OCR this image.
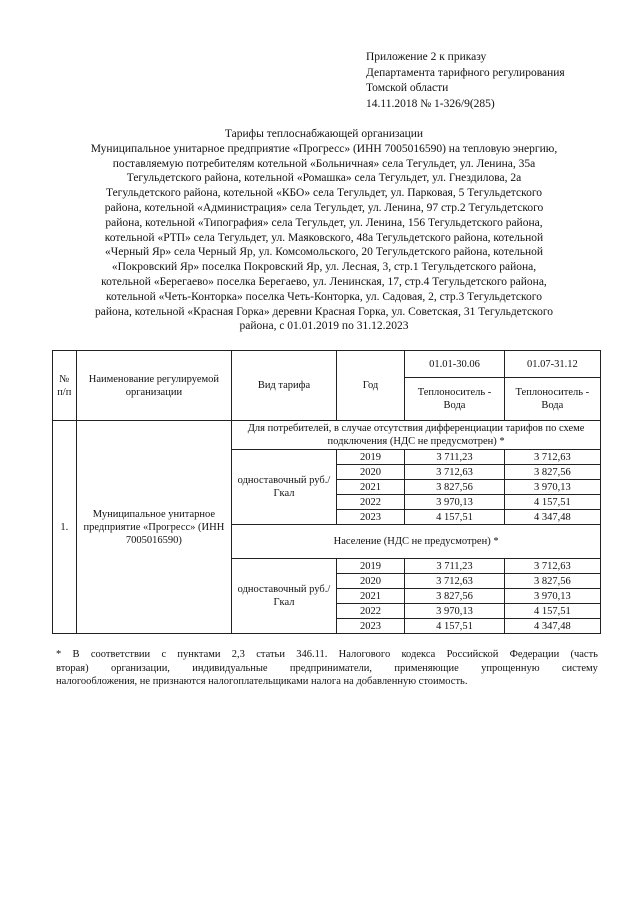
Приложение 2 к приказу
Департамента тарифного регулирования
Томской области
14.11.2018 № 1-326/9(285)
Тарифы теплоснабжающей организации
Муниципальное унитарное предприятие «Прогресс» (ИНН 7005016590) на тепловую энергию,
поставляемую потребителям котельной «Больничная» села Тегульдет, ул. Ленина, 35а
Тегульдетского района, котельной «Ромашка» села Тегульдет, ул. Гнездилова, 2а
Тегульдетского района, котельной «КБО» села Тегульдет, ул. Парковая, 5 Тегульдетского
района, котельной «Администрация» села Тегульдет, ул. Ленина, 97 стр.2 Тегульдетского
района, котельной «Типография» села Тегульдет, ул. Ленина, 156 Тегульдетского района,
котельной «РТП» села Тегульдет, ул. Маяковского, 48а Тегульдетского района, котельной
«Черный Яр» села Черный Яр, ул. Комсомольского, 20 Тегульдетского района, котельной
«Покровский Яр» поселка Покровский Яр, ул. Лесная, 3, стр.1 Тегульдетского района,
котельной «Берегаево» поселка Берегаево, ул. Ленинская, 17, стр.4 Тегульдетского района,
котельной «Четь-Конторка» поселка Четь-Конторка, ул. Садовая, 2, стр.3 Тегульдетского
района, котельной «Красная Горка» деревни Красная Горка, ул. Советская, 31 Тегульдетского
района, с 01.01.2019 по 31.12.2023
№ п/п	Наименование регулируемой организации	Вид тарифа	Год	01.01-30.06	01.07-31.12
				Теплоноситель - Вода	Теплоноситель - Вода
1.	Муниципальное унитарное предприятие «Прогресс» (ИНН 7005016590)	Для потребителей, в случае отсутствия дифференциации тарифов по схеме подключения (НДС не предусмотрен) *			
		одноставочный руб./Гкал	2019	3 711,23	3 712,63
			2020	3 712,63	3 827,56
			2021	3 827,56	3 970,13
			2022	3 970,13	4 157,51
			2023	4 157,51	4 347,48
		Население (НДС не предусмотрен) *			
		одноставочный руб./Гкал	2019	3 711,23	3 712,63
			2020	3 712,63	3 827,56
			2021	3 827,56	3 970,13
			2022	3 970,13	4 157,51
			2023	4 157,51	4 347,48
* В соответствии с пунктами 2,3 статьи 346.11. Налогового кодекса Российской Федерации (часть
вторая) организации, индивидуальные предприниматели, применяющие упрощенную систему
налогообложения, не признаются налогоплательщиками налога на добавленную стоимость.
